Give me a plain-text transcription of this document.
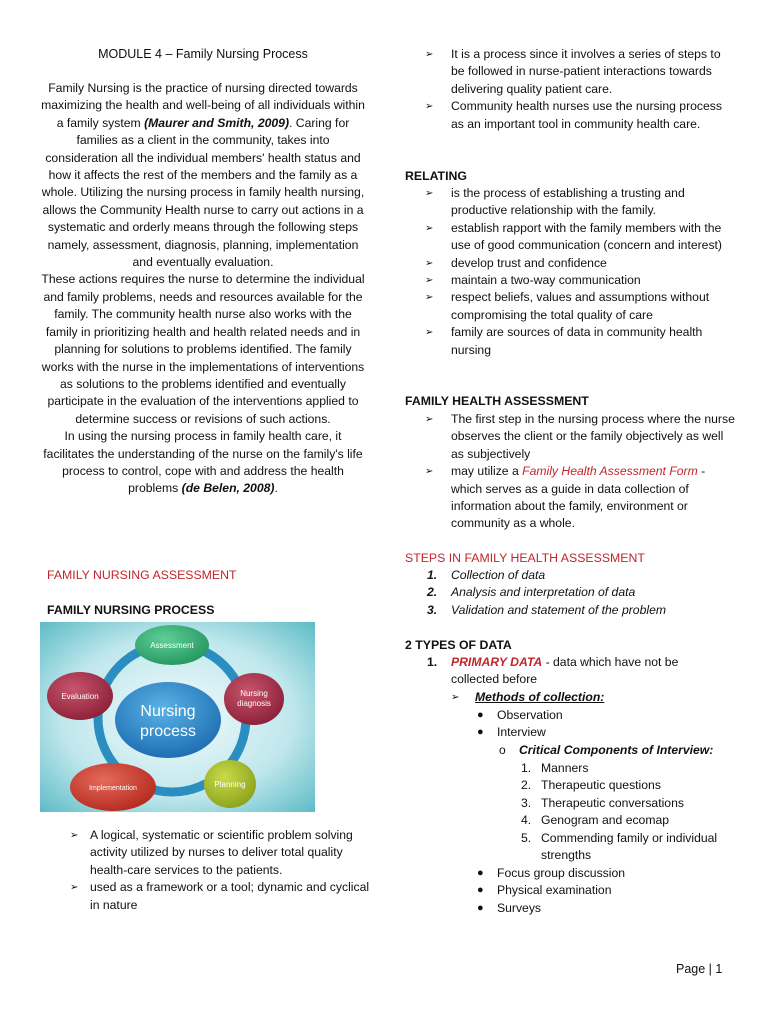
MODULE 4 – Family Nursing Process

Family Nursing is the practice of nursing directed towards maximizing the health and well-being of all individuals within a family system (Maurer and Smith, 2009). Caring for families as a client in the community, takes into consideration all the individual members' health status and how it affects the rest of the members and the family as a whole. Utilizing the nursing process in family health nursing, allows the Community Health nurse to carry out actions in a systematic and orderly means through the following steps namely, assessment, diagnosis, planning, implementation and eventually evaluation.

These actions requires the nurse to determine the individual and family problems, needs and resources available for the family. The community health nurse also works with the family in prioritizing health and health related needs and in planning for solutions to problems identified. The family works with the nurse in the implementations of interventions as solutions to the problems identified and eventually participate in the evaluation of the interventions applied to determine success or revisions of such actions.

In using the nursing process in family health care, it facilitates the understanding of the nurse on the family's life process to control, cope with and address the health problems (de Belen, 2008).

FAMILY NURSING ASSESSMENT
FAMILY NURSING PROCESS
Nursing
process
Assessment
Nursing
diagnosis
Planning
Implementation
Evaluation
➢ A logical, systematic or scientific problem solving activity utilized by nurses to deliver total quality health-care services to the patients.
➢ used as a framework or a tool; dynamic and cyclical in nature
➢ It is a process since it involves a series of steps to be followed in nurse-patient interactions towards delivering quality patient care.
➢ Community health nurses use the nursing process as an important tool in community health care.
RELATING
➢ is the process of establishing a trusting and productive relationship with the family.
➢ establish rapport with the family members with the use of good communication (concern and interest)
➢ develop trust and confidence
➢ maintain a two-way communication
➢ respect beliefs, values and assumptions without compromising the total quality of care
➢ family are sources of data in community health nursing
FAMILY HEALTH ASSESSMENT
➢ The first step in the nursing process where the nurse observes the client or the family objectively as well as subjectively
➢ may utilize a Family Health Assessment Form - which serves as a guide in data collection of information about the family, environment or community as a whole.
STEPS IN FAMILY HEALTH ASSESSMENT
1. Collection of data
2. Analysis and interpretation of data
3. Validation and statement of the problem
2 TYPES OF DATA
1. PRIMARY DATA - data which have not be collected before
➢ Methods of collection:
● Observation
● Interview
o Critical Components of Interview:
1. Manners
2. Therapeutic questions
3. Therapeutic conversations
4. Genogram and ecomap
5. Commending family or individual strengths
● Focus group discussion
● Physical examination
● Surveys
Page | 1
